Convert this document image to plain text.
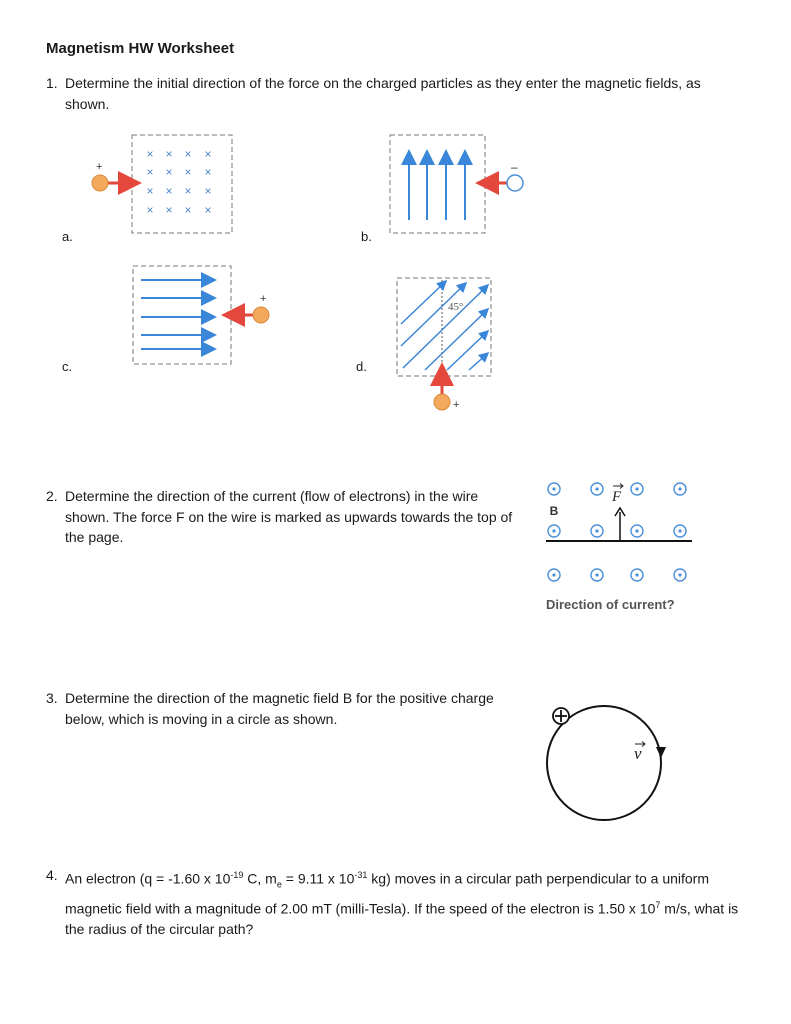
Magnetism HW Worksheet
1. Determine the initial direction of the force on the charged particles as they enter the magnetic fields, as shown.
a.	b.
c.	d.
× × × ×
× × × ×
× × × ×
× × × ×
+	–
+
45°
+
2. Determine the direction of the current (flow of electrons) in the wire shown. The force F on the wire is marked as upwards towards the top of the page.
B
F
Direction of current?
3. Determine the direction of the magnetic field B for the positive charge below, which is moving in a circle as shown.
v
4. An electron (q = -1.60 x $10^{-19}$ C, $m_e = 9.11$ x $10^{-31}$ kg) moves in a circular path perpendicular to a uniform magnetic field with a magnitude of 2.00 mT (milli-Tesla). If the speed of the electron is 1.50 x $10^7$ m/s, what is the radius of the circular path?
